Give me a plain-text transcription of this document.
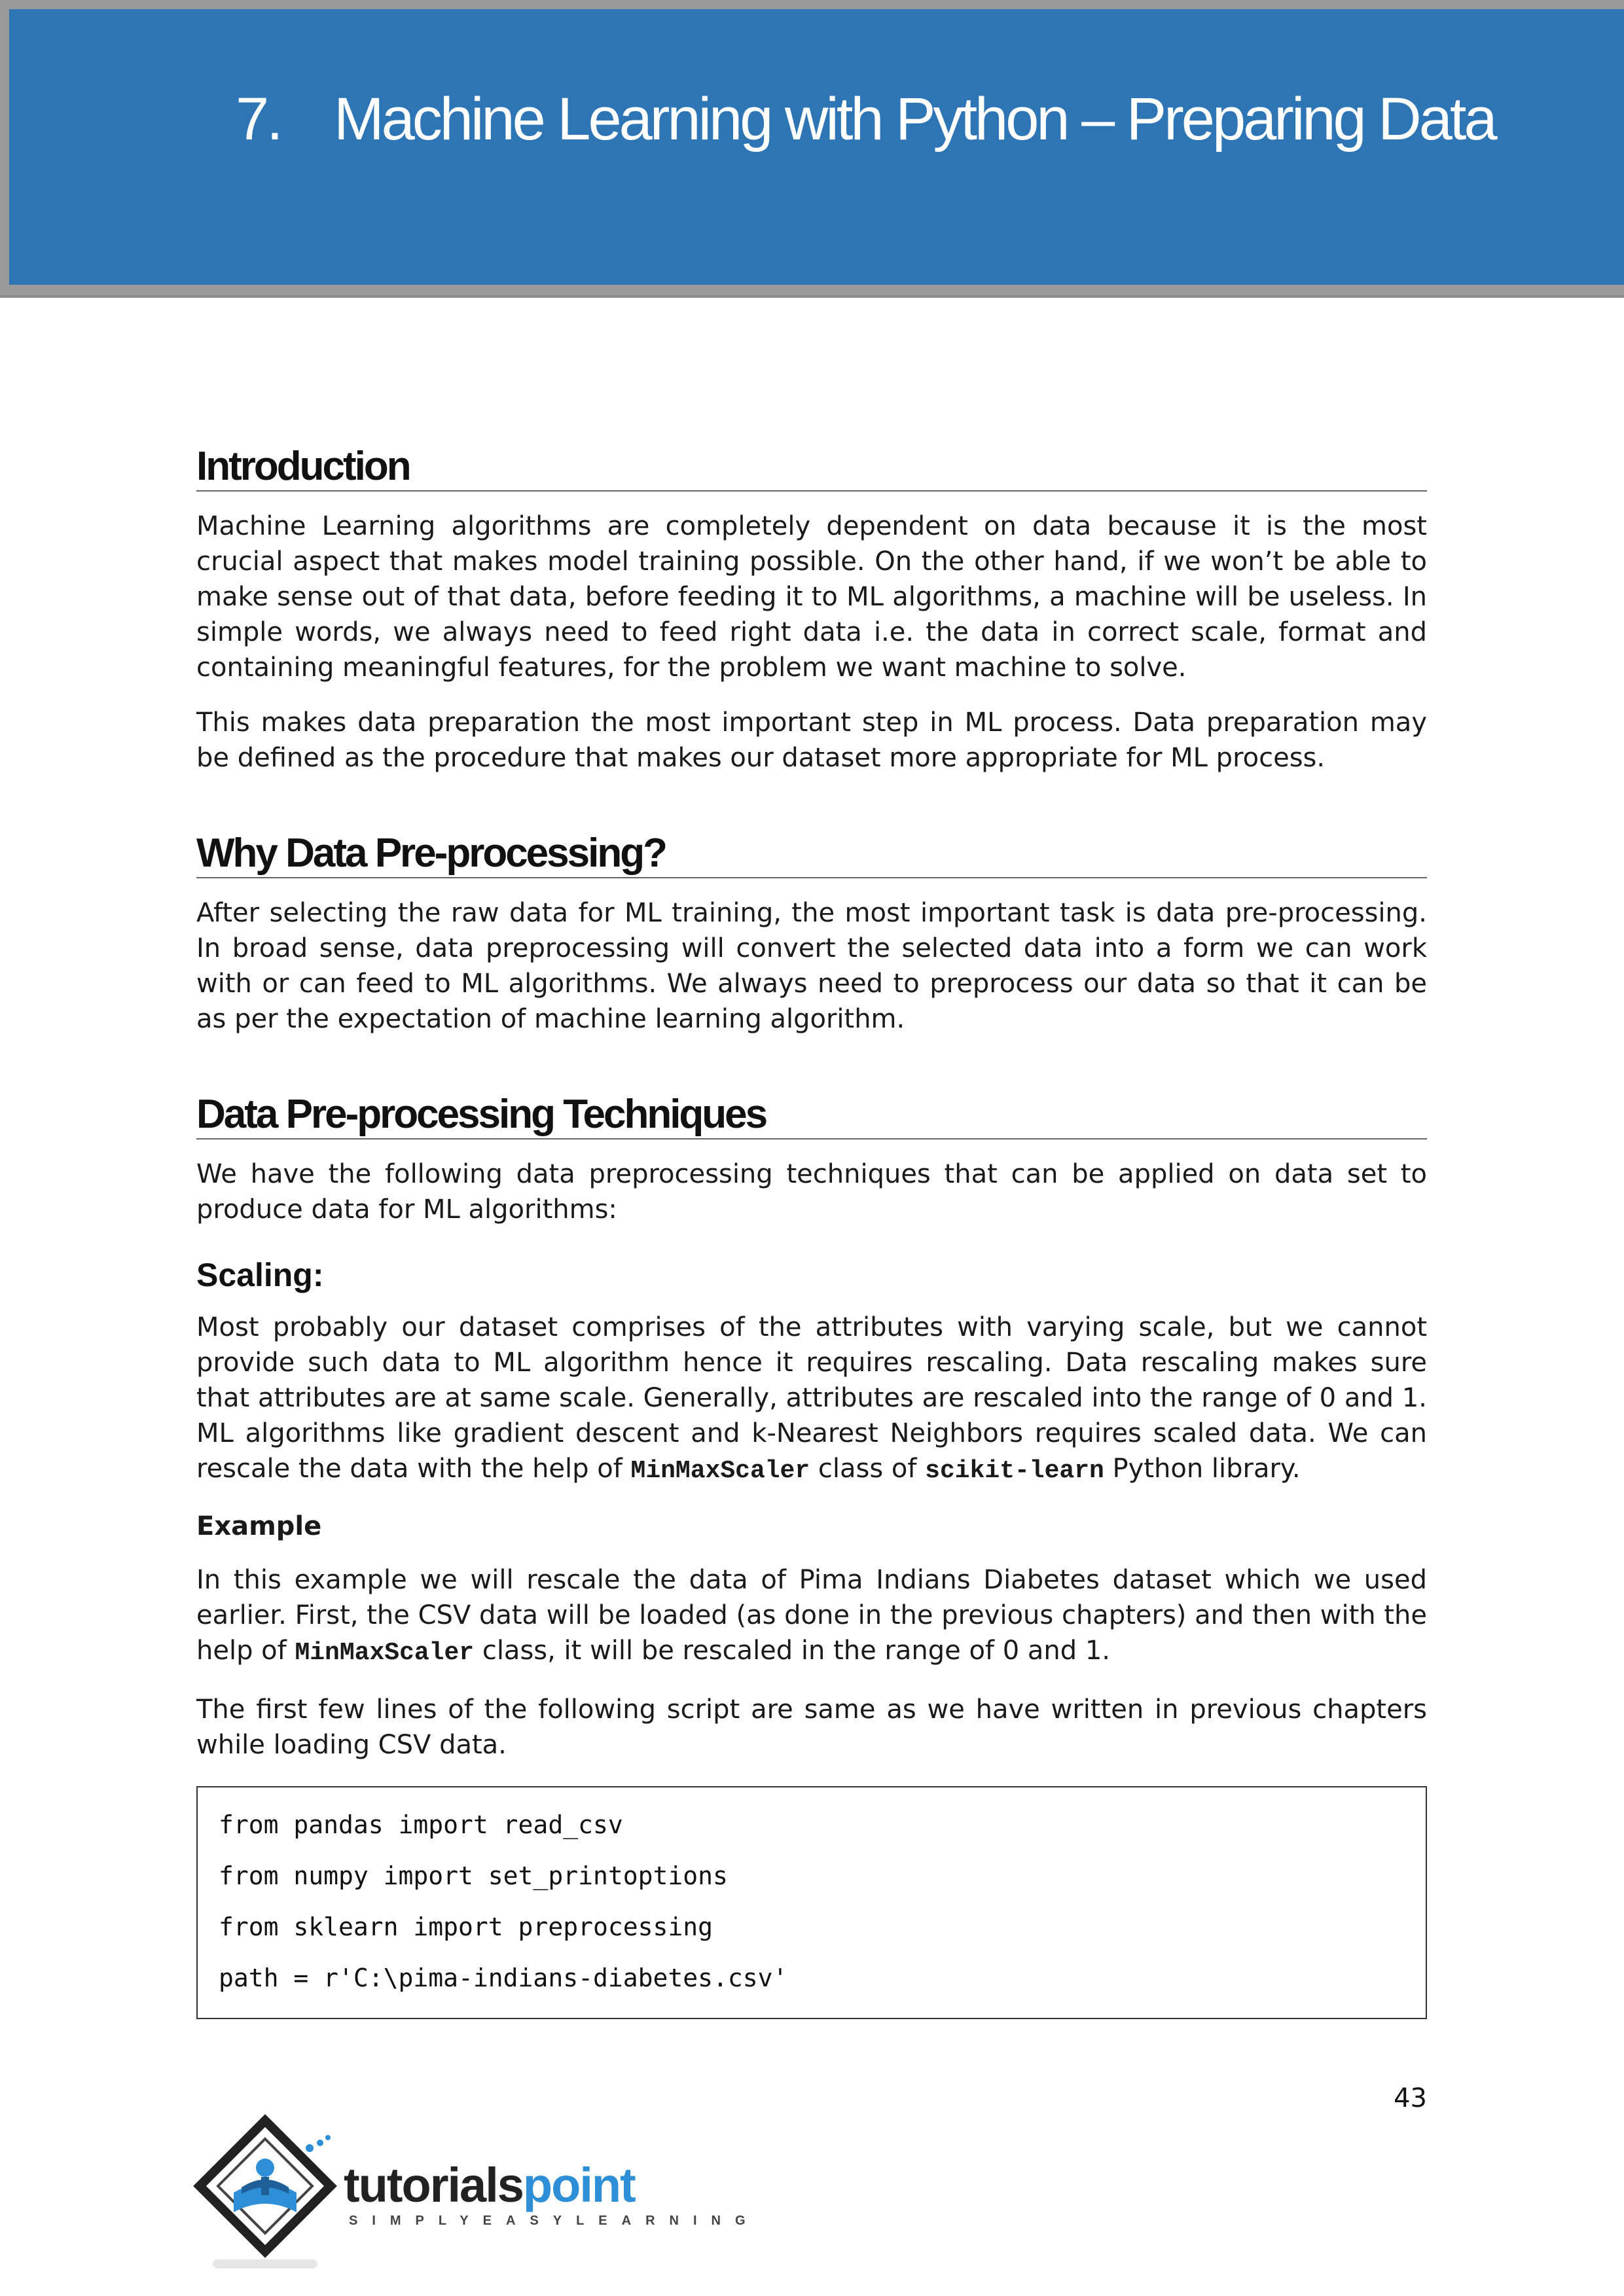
7. Machine Learning with Python – Preparing Data
Introduction

Machine Learning algorithms are completely dependent on data because it is the most crucial aspect that makes model training possible. On the other hand, if we won’t be able to make sense out of that data, before feeding it to ML algorithms, a machine will be useless. In simple words, we always need to feed right data i.e. the data in correct scale, format and containing meaningful features, for the problem we want machine to solve.

This makes data preparation the most important step in ML process. Data preparation may be defined as the procedure that makes our dataset more appropriate for ML process.

Why Data Pre-processing?

After selecting the raw data for ML training, the most important task is data pre-processing. In broad sense, data preprocessing will convert the selected data into a form we can work with or can feed to ML algorithms. We always need to preprocess our data so that it can be as per the expectation of machine learning algorithm.

Data Pre-processing Techniques

We have the following data preprocessing techniques that can be applied on data set to produce data for ML algorithms:

Scaling:

Most probably our dataset comprises of the attributes with varying scale, but we cannot provide such data to ML algorithm hence it requires rescaling. Data rescaling makes sure that attributes are at same scale. Generally, attributes are rescaled into the range of 0 and 1. ML algorithms like gradient descent and k-Nearest Neighbors requires scaled data. We can rescale the data with the help of MinMaxScaler class of scikit-learn Python library.

Example

In this example we will rescale the data of Pima Indians Diabetes dataset which we used earlier. First, the CSV data will be loaded (as done in the previous chapters) and then with the help of MinMaxScaler class, it will be rescaled in the range of 0 and 1.

The first few lines of the following script are same as we have written in previous chapters while loading CSV data.

from pandas import read_csv
from numpy import set_printoptions
from sklearn import preprocessing
path = r'C:\pima-indians-diabetes.csv'
43
tutorialspoint
SIMPLYEASYLEARNING
